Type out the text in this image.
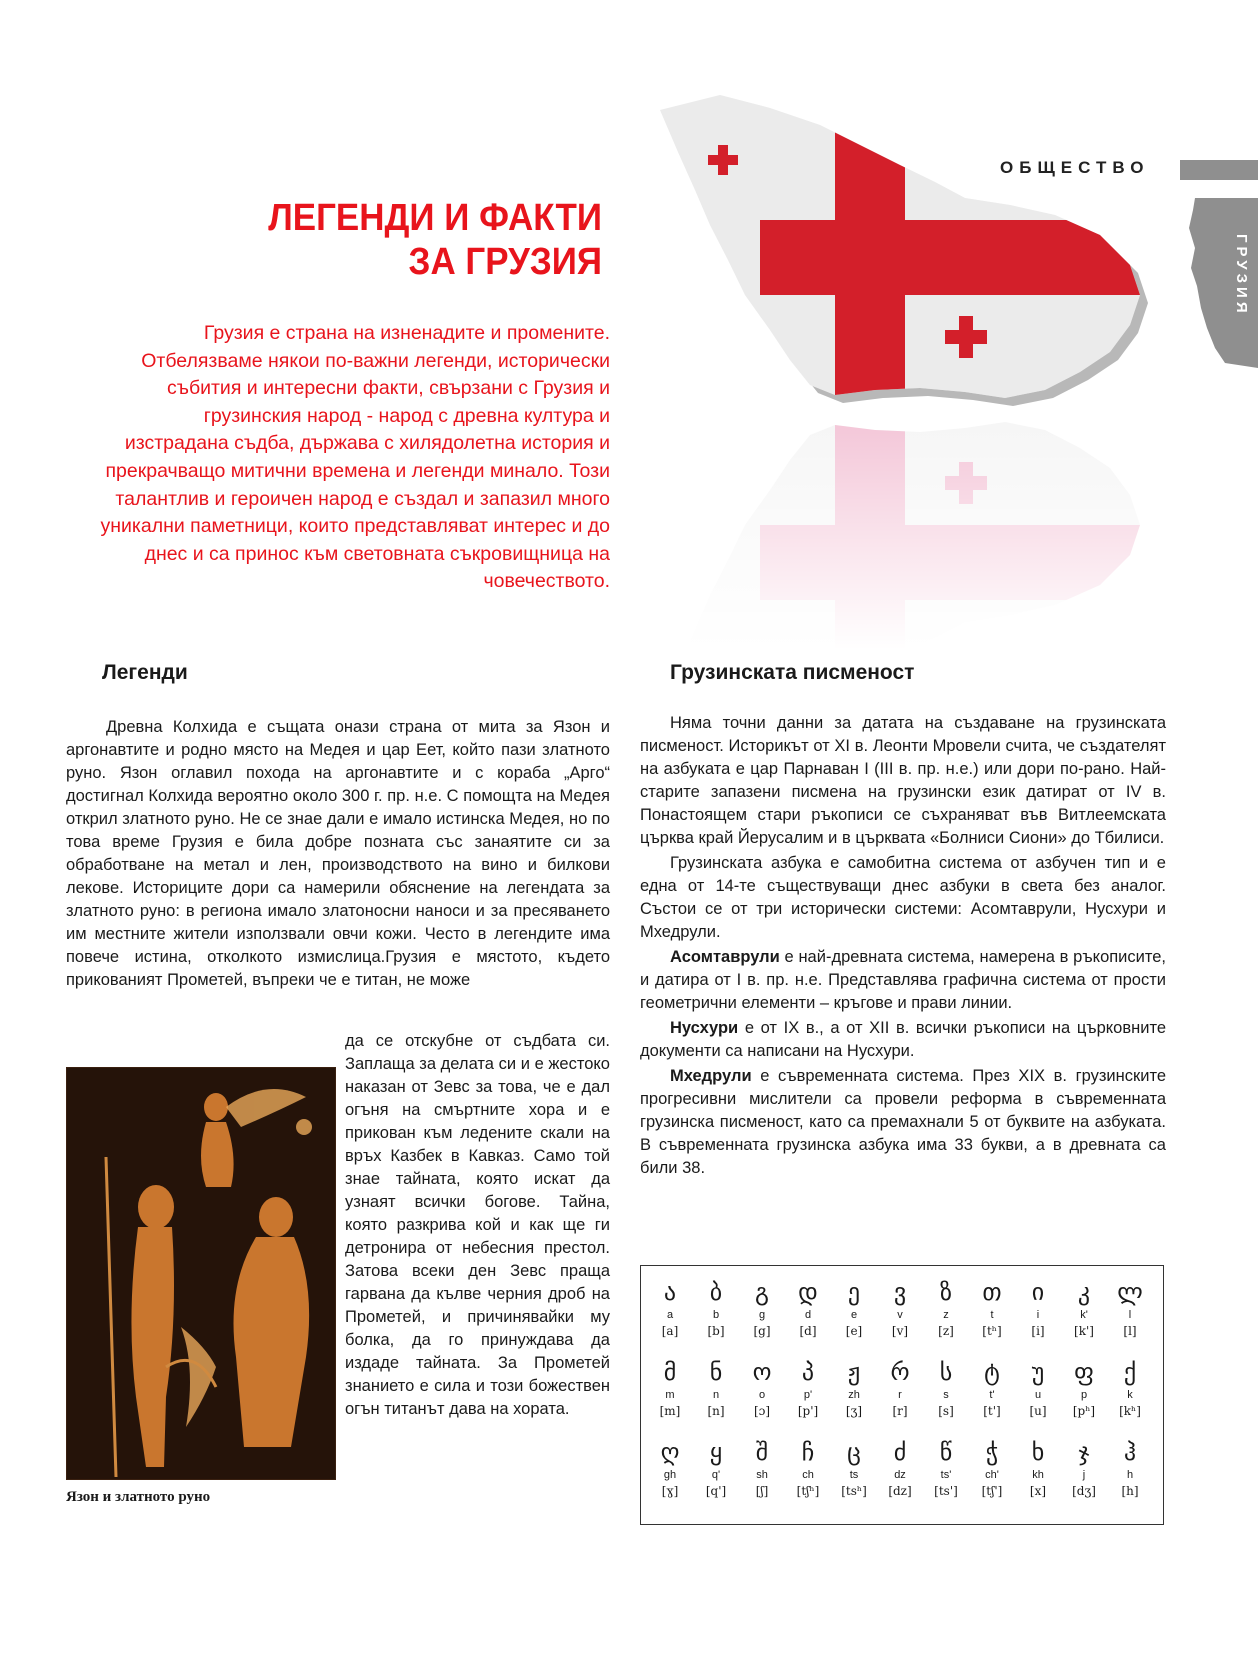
ОБЩЕСТВО
ГРУЗИЯ
ЛЕГЕНДИ И ФАКТИ
ЗА ГРУЗИЯ
Грузия е страна на изненадите и промените. Отбелязваме някои по-важни легенди, исторически събития и интересни факти, свързани с Грузия и грузинския народ - народ с древна култура и изстрадана съдба, държава с хилядолетна история и прекрачващо митични времена и легенди минало. Този талантлив и героичен народ е създал и запазил много уникални паметници, които представляват интерес и до днес и са принос към световната съкровищница на човечеството.
Легенди
Древна Колхида е същата онази страна от мита за Язон и аргонавтите и родно място на Медея и цар Еет, който пази златното руно. Язон оглавил похода на аргонавтите и с кораба „Арго“ достигнал Колхида вероятно около 300 г. пр. н.е. С помощта на Медея открил златното руно. Не се знае дали е имало истинска Медея, но по това време Грузия е била добре позната със занаятите си за обработване на метал и лен, производството на вино и билкови лекове. Историците дори са намерили обяснение на легендата за златното руно: в региона имало златоносни наноси и за пресяването им местните жители използвали овчи кожи. Често в легендите има повече истина, отколкото измислица.Грузия е мястото, където прикованият Прометей, въпреки че е титан, не може
Язон и златното руно
да се отскубне от съдбата си. Заплаща за делата си и е жестоко наказан от Зевс за това, че е дал огъня на смъртните хора и е прикован към ледените скали на връх Казбек в Кавказ. Само той знае тайната, която искат да узнаят всички богове. Тайна, която разкрива кой и как ще ги детронира от небесния престол. Затова всеки ден Зевс праща гарвана да кълве черния дроб на Прометей, и причинявайки му болка, да го принуждава да издаде тайната. За Прометей знанието е сила и този божествен огън титанът дава на хората.
Грузинската писменост

Няма точни данни за датата на създаване на грузинската писменост. Историкът от XI в. Леонти Мровели счита, че създателят на азбуката е цар Парнаван I (III в. пр. н.е.) или дори по-рано. Най-старите запазени писмена на грузински език датират от IV в. Понастоящем стари ръкописи се съхраняват във Витлеемската църква край Йерусалим и в църквата «Болниси Сиони» до Тбилиси.

Грузинската азбука е самобитна система от азбучен тип и е една от 14-те съществуващи днес азбуки в света без аналог. Състои се от три исторически системи: Асомтаврули, Нусхури и Мхедрули.

Асомтаврули е най-древната система, намерена в ръкописите, и датира от I в. пр. н.е. Представлява графична система от прости геометрични елементи – кръгове и прави линии.

Нусхури е от IX в., а от XII в. всички ръкописи на църковните документи са написани на Нусхури.

Мхедрули е съвременната система. През XIX в. грузинските прогресивни мислители са провели реформа в съвременната грузинска писменост, като са премахнали 5 от буквите на азбуката. В съвременната грузинска азбука има 33 букви, а в древната са били 38.

ა
a
[a]
ბ
b
[b]
გ
g
[g]
დ
d
[d]
ე
e
[e]
ვ
v
[v]
ზ
z
[z]
თ
t
[tʰ]
ი
i
[i]
კ
k'
[k']
ლ
l
[l]
მ
m
[m]
ნ
n
[n]
ო
o
[ɔ]
პ
p'
[p']
ჟ
zh
[ʒ]
რ
r
[r]
ს
s
[s]
ტ
t'
[t']
უ
u
[u]
ფ
p
[pʰ]
ქ
k
[kʰ]
ღ
gh
[ɣ]
ყ
q'
[q']
შ
sh
[ʃ]
ჩ
ch
[tʃʰ]
ც
ts
[tsʰ]
ძ
dz
[dz]
წ
ts'
[ts']
ჭ
ch'
[tʃ']
ხ
kh
[x]
ჯ
j
[dʒ]
ჰ
h
[h]
